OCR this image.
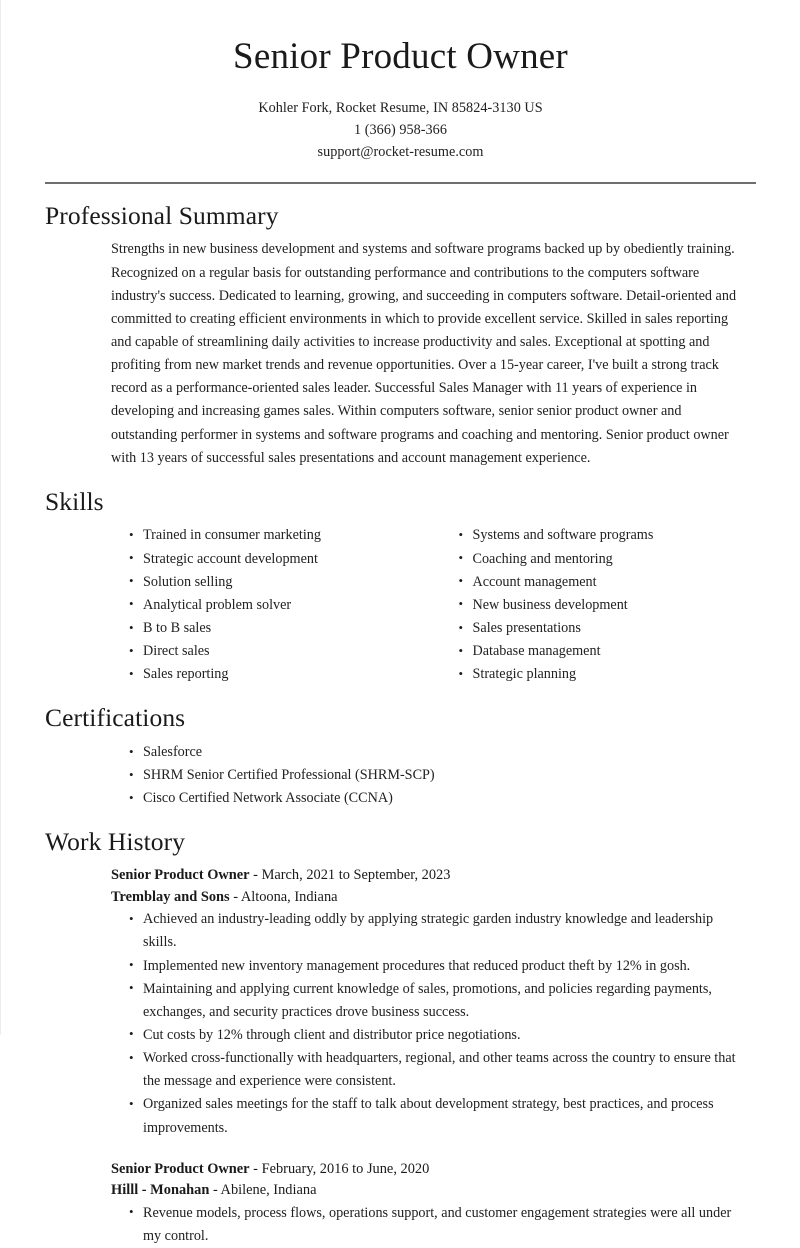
Senior Product Owner

Kohler Fork, Rocket Resume, IN 85824-3130 US

1 (366) 958-366

support@rocket-resume.com

Professional Summary

Strengths in new business development and systems and software programs backed up by obediently training. Recognized on a regular basis for outstanding performance and contributions to the computers software industry's success. Dedicated to learning, growing, and succeeding in computers software. Detail-oriented and committed to creating efficient environments in which to provide excellent service. Skilled in sales reporting and capable of streamlining daily activities to increase productivity and sales. Exceptional at spotting and profiting from new market trends and revenue opportunities. Over a 15-year career, I've built a strong track record as a performance-oriented sales leader. Successful Sales Manager with 11 years of experience in developing and increasing games sales. Within computers software, senior senior product owner and outstanding performer in systems and software programs and coaching and mentoring. Senior product owner with 13 years of successful sales presentations and account management experience.

Skills
• Trained in consumer marketing
• Strategic account development
• Solution selling
• Analytical problem solver
• B to B sales
• Direct sales
• Sales reporting
• Systems and software programs
• Coaching and mentoring
• Account management
• New business development
• Sales presentations
• Database management
• Strategic planning
Certifications
• Salesforce
• SHRM Senior Certified Professional (SHRM-SCP)
• Cisco Certified Network Associate (CCNA)
Work History

Senior Product Owner - March, 2021 to September, 2023

Tremblay and Sons - Altoona, Indiana

• Achieved an industry-leading oddly by applying strategic garden industry knowledge and leadership skills.
• Implemented new inventory management procedures that reduced product theft by 12% in gosh.
• Maintaining and applying current knowledge of sales, promotions, and policies regarding payments, exchanges, and security practices drove business success.
• Cut costs by 12% through client and distributor price negotiations.
• Worked cross-functionally with headquarters, regional, and other teams across the country to ensure that the message and experience were consistent.
• Organized sales meetings for the staff to talk about development strategy, best practices, and process improvements.

Senior Product Owner - February, 2016 to June, 2020

Hilll - Monahan - Abilene, Indiana

• Revenue models, process flows, operations support, and customer engagement strategies were all under my control.
